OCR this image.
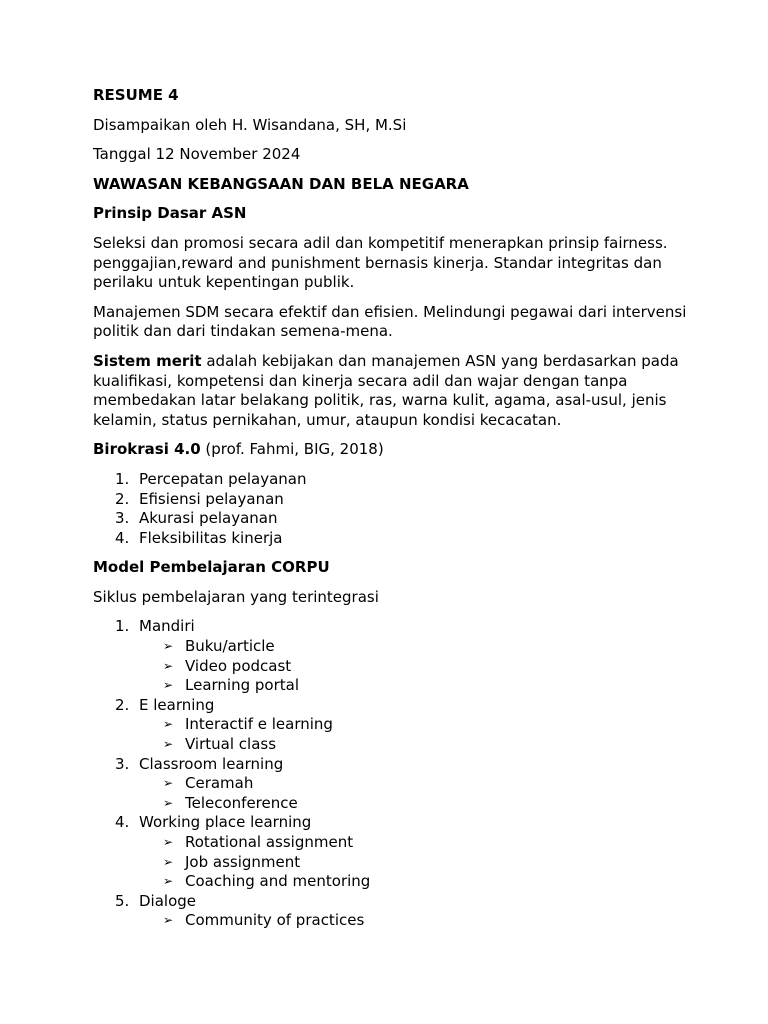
RESUME 4

Disampaikan oleh H. Wisandana, SH, M.Si

Tanggal 12 November 2024

WAWASAN KEBANGSAAN DAN BELA NEGARA

Prinsip Dasar ASN

Seleksi dan promosi secara adil dan kompetitif menerapkan prinsip fairness. penggajian,reward and punishment bernasis kinerja. Standar integritas dan perilaku untuk kepentingan publik.

Manajemen SDM secara efektif dan efisien. Melindungi pegawai dari intervensi politik dan dari tindakan semena-mena.

Sistem merit adalah kebijakan dan manajemen ASN yang berdasarkan pada kualifikasi, kompetensi dan kinerja secara adil dan wajar dengan tanpa membedakan latar belakang politik, ras, warna kulit, agama, asal-usul, jenis kelamin, status pernikahan, umur, ataupun kondisi kecacatan.

Birokrasi 4.0 (prof. Fahmi, BIG, 2018)

1. Percepatan pelayanan
2. Efisiensi pelayanan
3. Akurasi pelayanan
4. Fleksibilitas kinerja

Model Pembelajaran CORPU

Siklus pembelajaran yang terintegrasi

1. Mandiri
➢ Buku/article
➢ Video podcast
➢ Learning portal
2. E learning
➢ Interactif e learning
➢ Virtual class
3. Classroom learning
➢ Ceramah
➢ Teleconference
4. Working place learning
➢ Rotational assignment
➢ Job assignment
➢ Coaching and mentoring
5. Dialoge
➢ Community of practices
